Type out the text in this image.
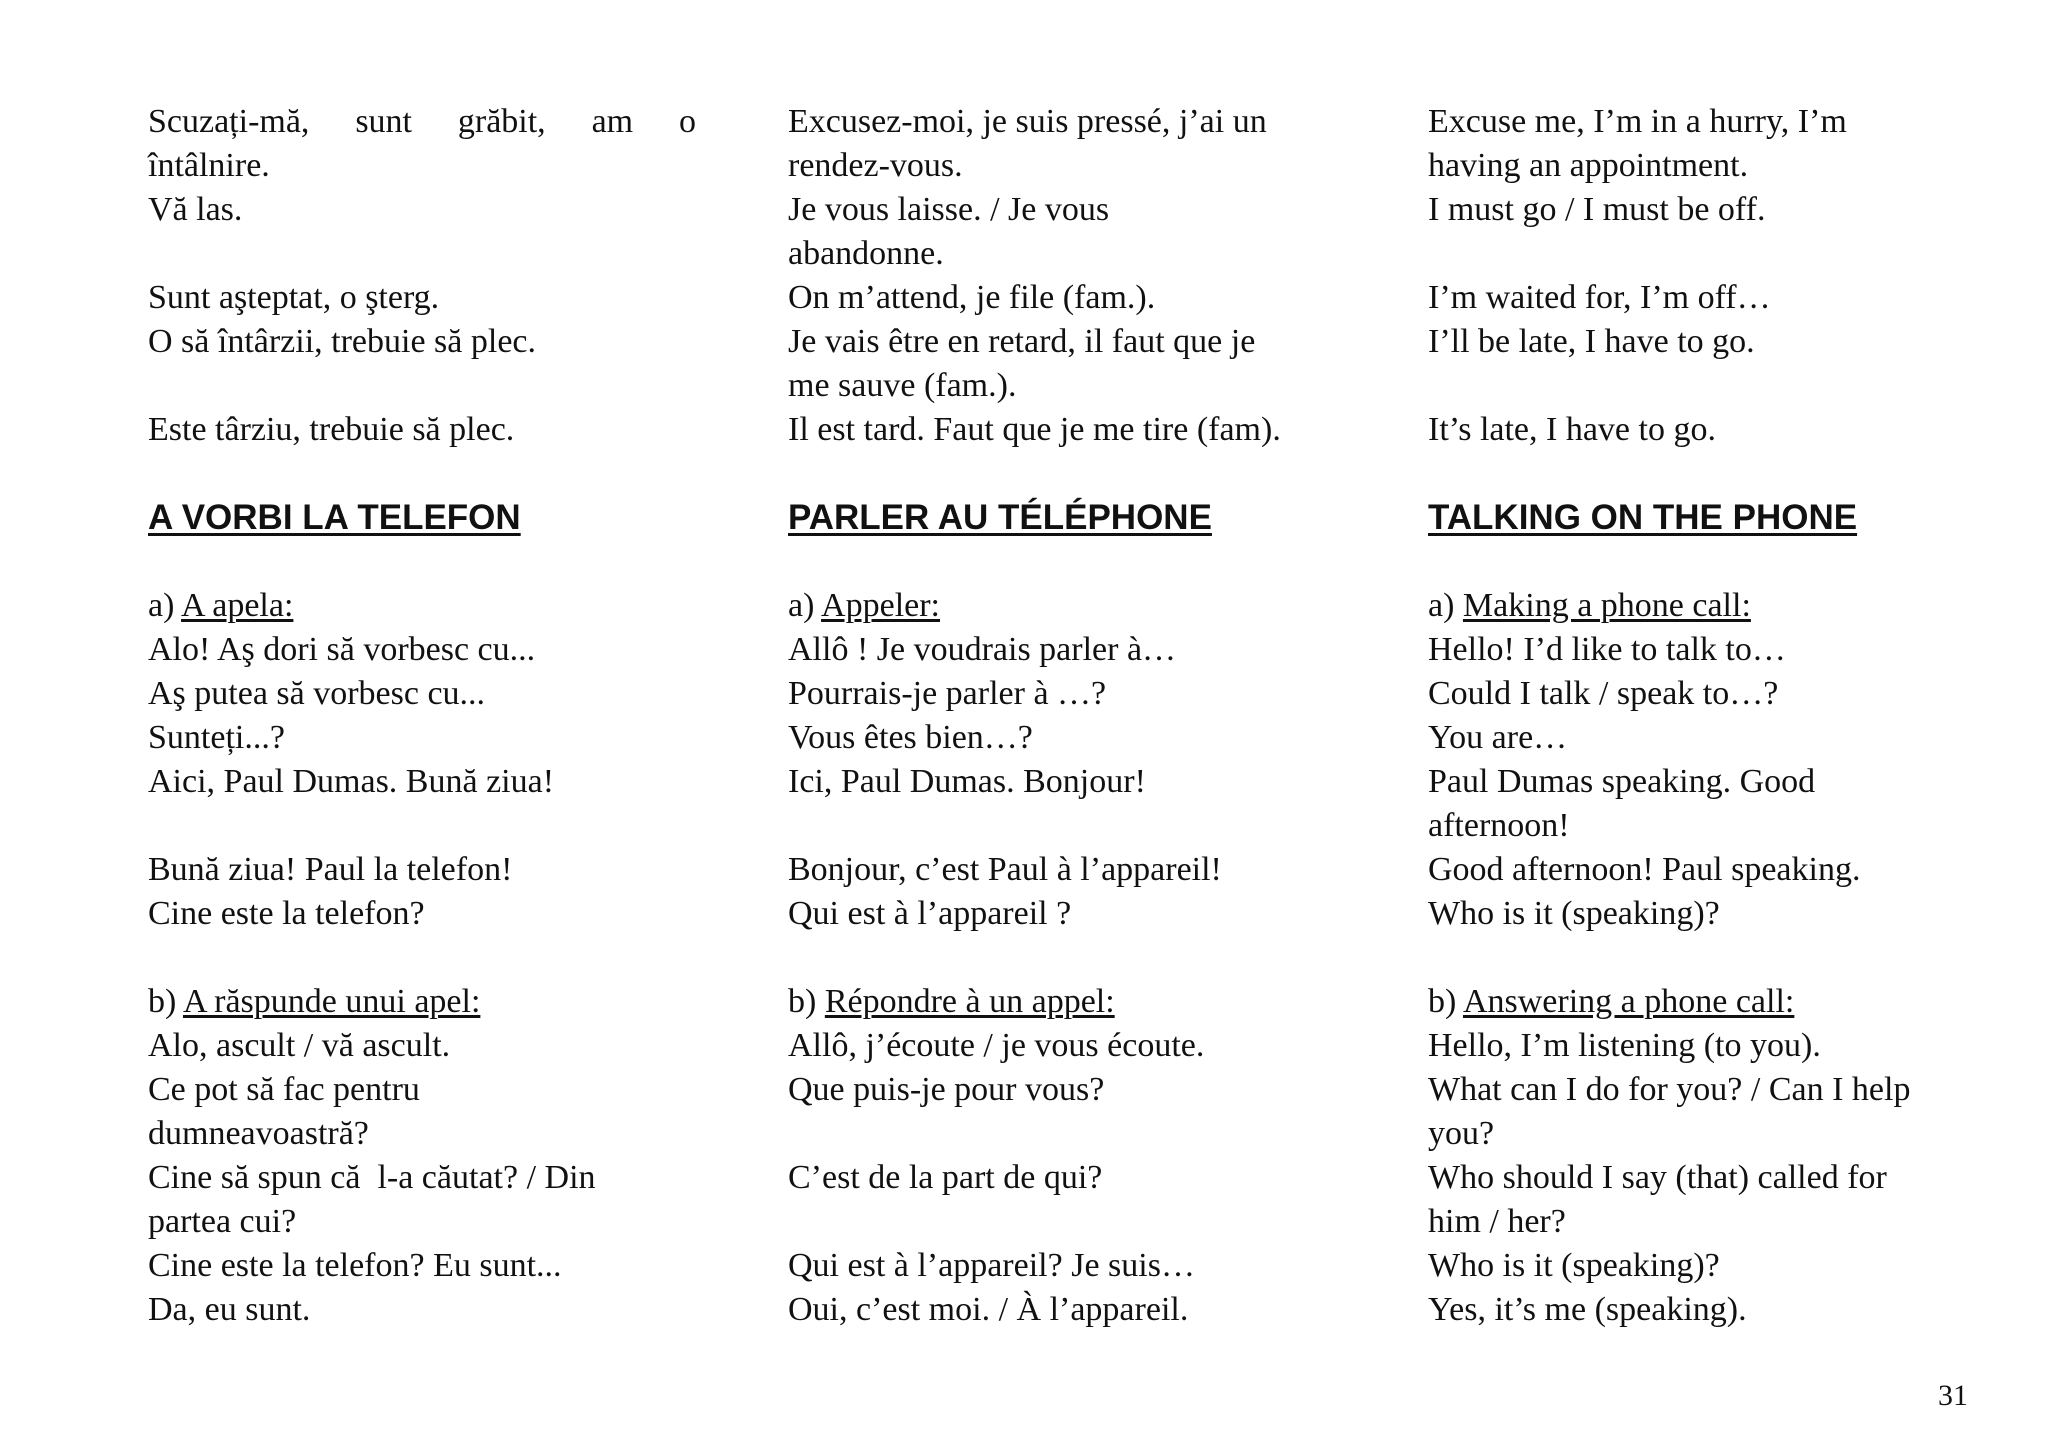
Scuzați-mă, sunt grăbit, am o
întâlnire.
Vă las.
Sunt aşteptat, o şterg.
O să întârzii, trebuie să plec.
Este târziu, trebuie să plec.
A VORBI LA TELEFON
a) A apela:
Alo! Aş dori să vorbesc cu...
Aş putea să vorbesc cu...
Sunteți...?
Aici, Paul Dumas. Bună ziua!
Bună ziua! Paul la telefon!
Cine este la telefon?
b) A răspunde unui apel:
Alo, ascult / vă ascult.
Ce pot să fac pentru
dumneavoastră?
Cine să spun că  l-a căutat? / Din
partea cui?
Cine este la telefon? Eu sunt...
Da, eu sunt.
Excusez-moi, je suis pressé, j’ai un
rendez-vous.
Je vous laisse. / Je vous
abandonne.
On m’attend, je file (fam.).
Je vais être en retard, il faut que je
me sauve (fam.).
Il est tard. Faut que je me tire (fam).
PARLER AU TÉLÉPHONE
a) Appeler:
Allô ! Je voudrais parler à…
Pourrais-je parler à …?
Vous êtes bien…?
Ici, Paul Dumas. Bonjour!
Bonjour, c’est Paul à l’appareil!
Qui est à l’appareil ?
b) Répondre à un appel:
Allô, j’écoute / je vous écoute.
Que puis-je pour vous?
C’est de la part de qui?
Qui est à l’appareil? Je suis…
Oui, c’est moi. / À l’appareil.
Excuse me, I’m in a hurry, I’m
having an appointment.
I must go / I must be off.
I’m waited for, I’m off…
I’ll be late, I have to go.
It’s late, I have to go.
TALKING ON THE PHONE
a) Making a phone call:
Hello! I’d like to talk to…
Could I talk / speak to…?
You are…
Paul Dumas speaking. Good
afternoon!
Good afternoon! Paul speaking.
Who is it (speaking)?
b) Answering a phone call:
Hello, I’m listening (to you).
What can I do for you? / Can I help
you?
Who should I say (that) called for
him / her?
Who is it (speaking)?
Yes, it’s me (speaking).
31
